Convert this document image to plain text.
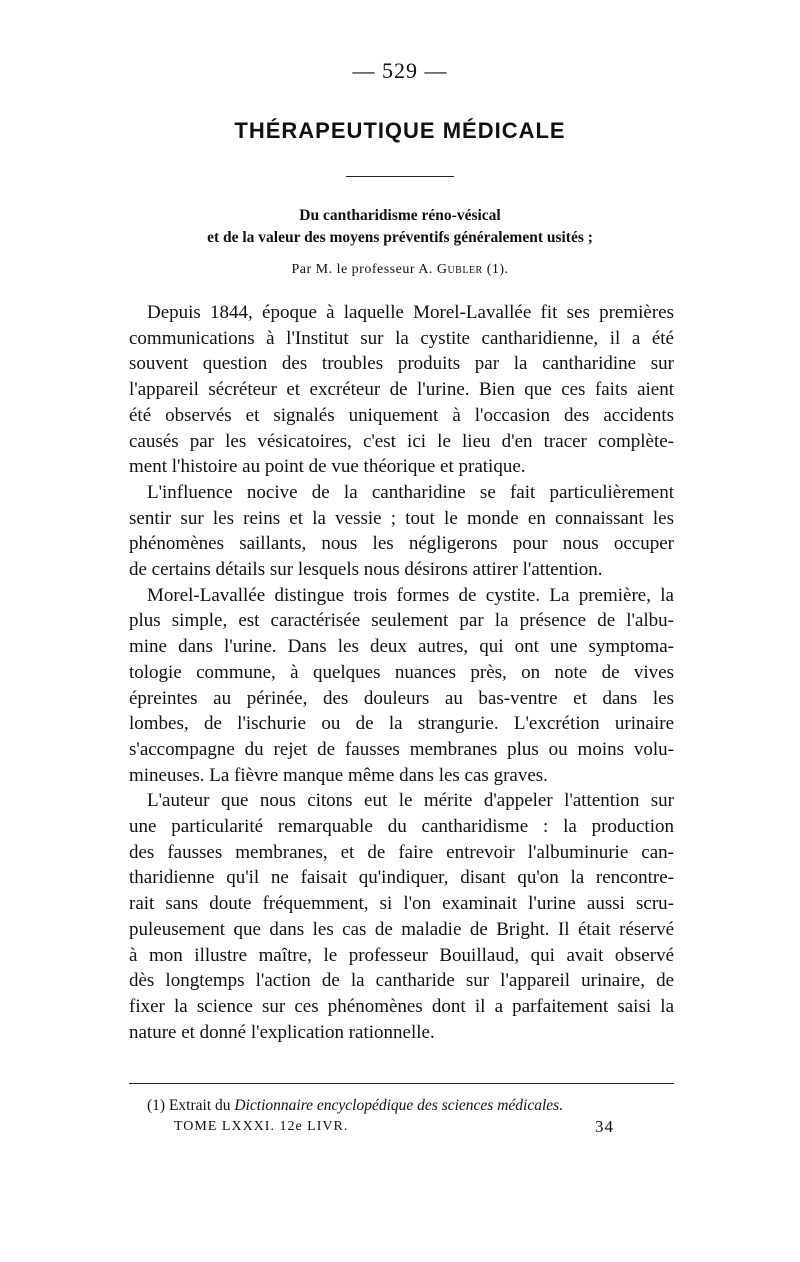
— 529 —
THÉRAPEUTIQUE MÉDICALE
Du cantharidisme réno-vésical
et de la valeur des moyens préventifs généralement usités ;
Par M. le professeur A. Gubler (1).
Depuis 1844, époque à laquelle Morel-Lavallée fit ses premières
communications à l'Institut sur la cystite cantharidienne, il a été
souvent question des troubles produits par la cantharidine sur
l'appareil sécréteur et excréteur de l'urine. Bien que ces faits aient
été observés et signalés uniquement à l'occasion des accidents
causés par les vésicatoires, c'est ici le lieu d'en tracer complète-
ment l'histoire au point de vue théorique et pratique.
L'influence nocive de la cantharidine se fait particulièrement
sentir sur les reins et la vessie ; tout le monde en connaissant les
phénomènes saillants, nous les négligerons pour nous occuper
de certains détails sur lesquels nous désirons attirer l'attention.
Morel-Lavallée distingue trois formes de cystite. La première, la
plus simple, est caractérisée seulement par la présence de l'albu-
mine dans l'urine. Dans les deux autres, qui ont une symptoma-
tologie commune, à quelques nuances près, on note de vives
épreintes au périnée, des douleurs au bas-ventre et dans les
lombes, de l'ischurie ou de la strangurie. L'excrétion urinaire
s'accompagne du rejet de fausses membranes plus ou moins volu-
mineuses. La fièvre manque même dans les cas graves.
L'auteur que nous citons eut le mérite d'appeler l'attention sur
une particularité remarquable du cantharidisme : la production
des fausses membranes, et de faire entrevoir l'albuminurie can-
tharidienne qu'il ne faisait qu'indiquer, disant qu'on la rencontre-
rait sans doute fréquemment, si l'on examinait l'urine aussi scru-
puleusement que dans les cas de maladie de Bright. Il était réservé
à mon illustre maître, le professeur Bouillaud, qui avait observé
dès longtemps l'action de la cantharide sur l'appareil urinaire, de
fixer la science sur ces phénomènes dont il a parfaitement saisi la
nature et donné l'explication rationnelle.
(1) Extrait du Dictionnaire encyclopédique des sciences médicales.
TOME LXXXI. 12e LIVR.	34
